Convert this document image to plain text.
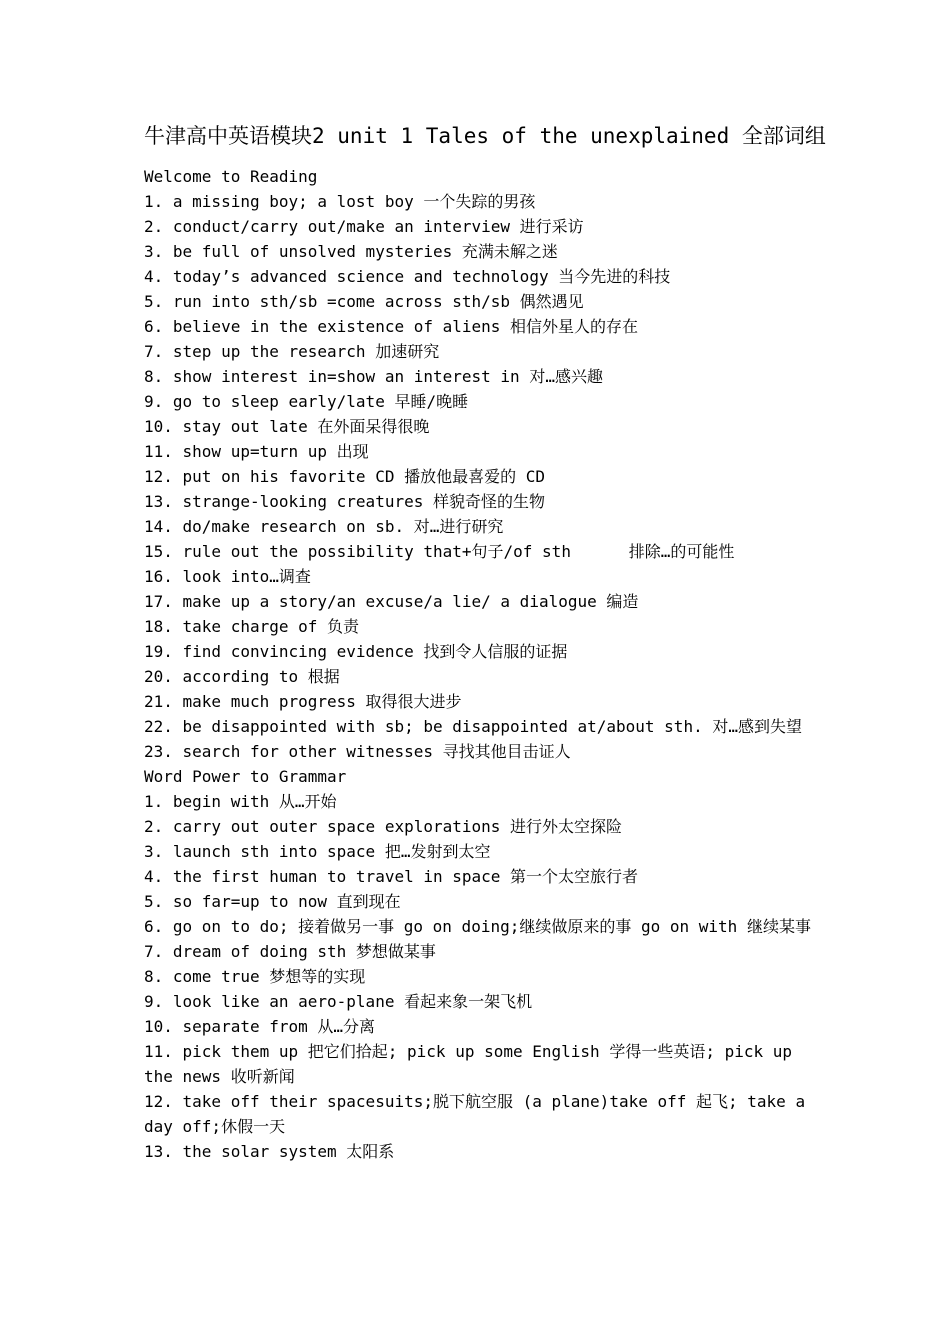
牛津高中英语模块2 unit 1 Tales of the unexplained 全部词组

Welcome to Reading

1. a missing boy; a lost boy 一个失踪的男孩
2. conduct/carry out/make an interview 进行采访
3. be full of unsolved mysteries 充满未解之迷
4. today’s advanced science and technology 当今先进的科技
5. run into sth/sb =come across sth/sb 偶然遇见
6. believe in the existence of aliens 相信外星人的存在
7. step up the research 加速研究
8. show interest in=show an interest in 对…感兴趣
9. go to sleep early/late 早睡/晚睡
10. stay out late 在外面呆得很晚
11. show up=turn up 出现
12. put on his favorite CD 播放他最喜爱的 CD
13. strange-looking creatures 样貌奇怪的生物
14. do/make research on sb. 对…进行研究
15. rule out the possibility that+句子/of sth      排除…的可能性
16. look into…调查
17. make up a story/an excuse/a lie/ a dialogue 编造
18. take charge of 负责
19. find convincing evidence 找到令人信服的证据
20. according to 根据
21. make much progress 取得很大进步
22. be disappointed with sb; be disappointed at/about sth. 对…感到失望
23. search for other witnesses 寻找其他目击证人

Word Power to Grammar

1. begin with 从…开始
2. carry out outer space explorations 进行外太空探险
3. launch sth into space 把…发射到太空
4. the first human to travel in space 第一个太空旅行者
5. so far=up to now 直到现在
6. go on to do; 接着做另一事 go on doing;继续做原来的事 go on with 继续某事
7. dream of doing sth 梦想做某事
8. come true 梦想等的实现
9. look like an aero-plane 看起来象一架飞机
10. separate from 从…分离
11. pick them up 把它们拾起; pick up some English 学得一些英语; pick up the news 收听新闻
12. take off their spacesuits;脱下航空服 (a plane)take off 起飞; take a day off;休假一天
13. the solar system 太阳系
